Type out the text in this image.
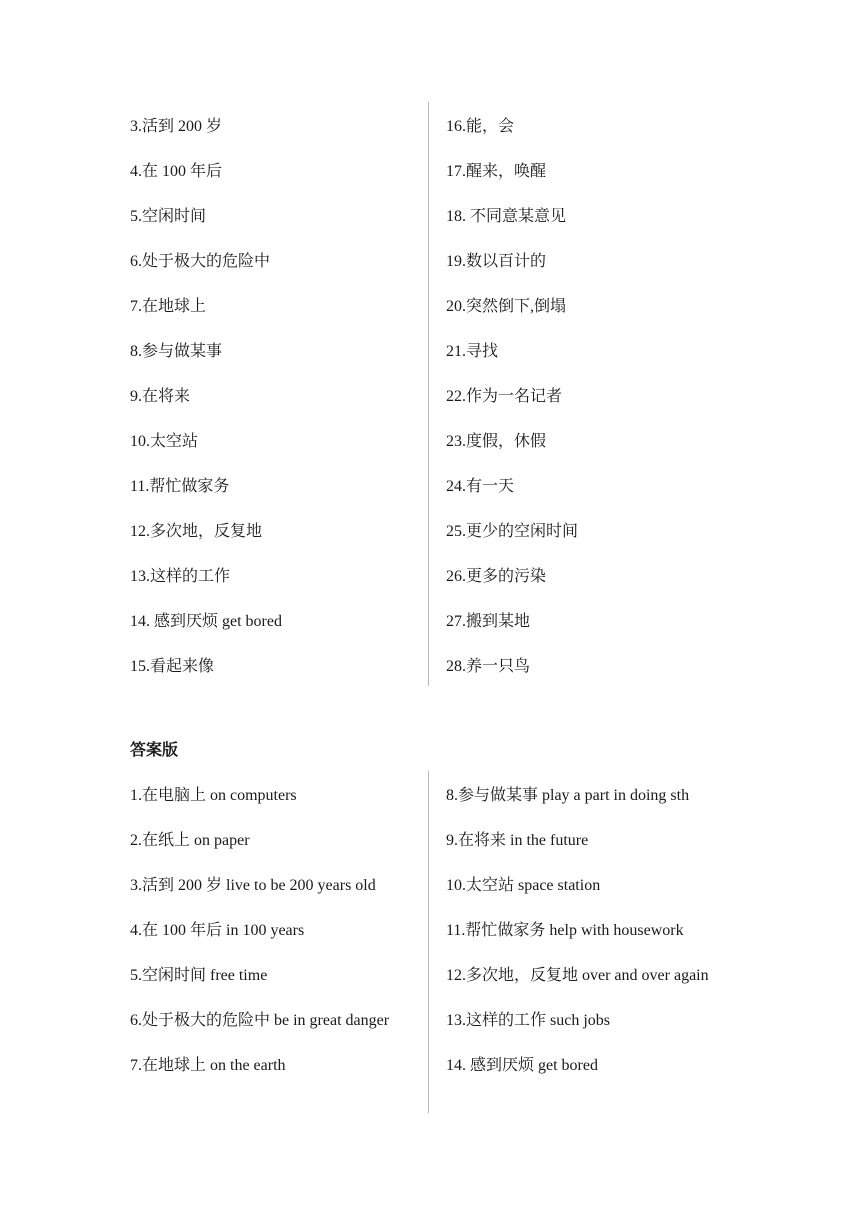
3.活到 200 岁
4.在 100 年后
5.空闲时间
6.处于极大的危险中
7.在地球上
8.参与做某事
9.在将来
10.太空站
11.帮忙做家务
12.多次地，反复地
13.这样的工作
14. 感到厌烦 get bored
15.看起来像
16.能，会
17.醒来，唤醒
18. 不同意某意见
19.数以百计的
20.突然倒下,倒塌
21.寻找
22.作为一名记者
23.度假，休假
24.有一天
25.更少的空闲时间
26.更多的污染
27.搬到某地
28.养一只鸟
答案版
1.在电脑上 on computers
2.在纸上 on paper
3.活到 200 岁 live to be 200 years old
4.在 100 年后 in 100 years
5.空闲时间 free time
6.处于极大的危险中 be in great danger
7.在地球上 on the earth
8.参与做某事 play a part in doing sth
9.在将来 in the future
10.太空站 space station
11.帮忙做家务 help with housework
12.多次地，反复地 over and over again
13.这样的工作 such jobs
14. 感到厌烦 get bored
